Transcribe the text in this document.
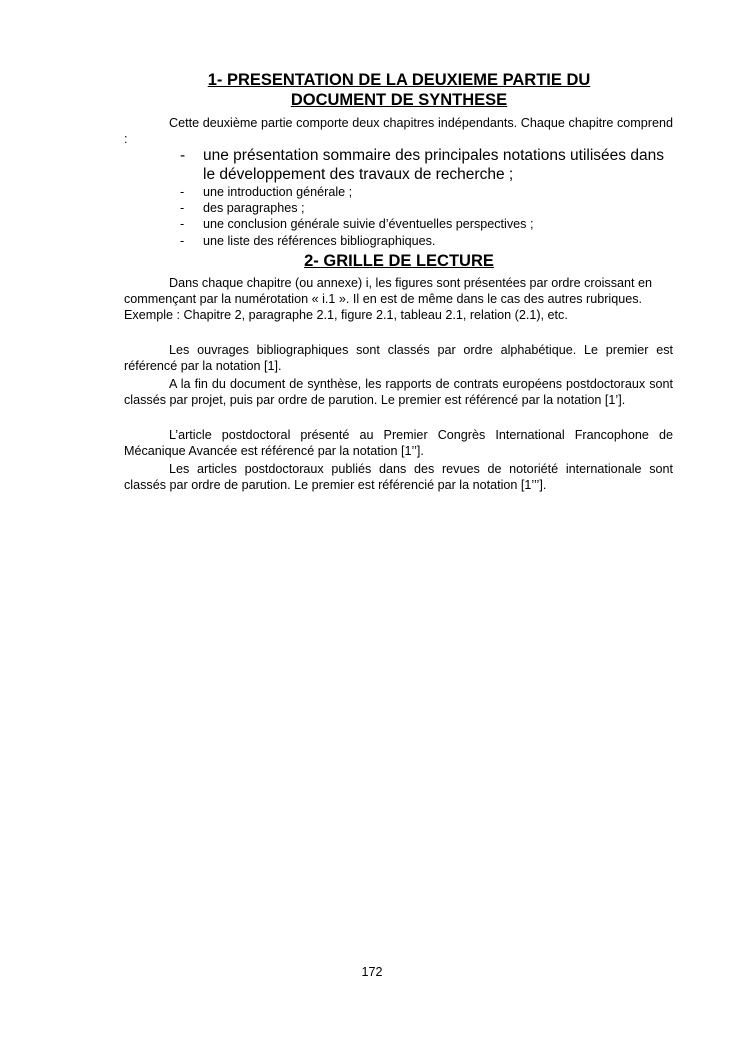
1- PRESENTATION DE LA DEUXIEME PARTIE DU
DOCUMENT DE SYNTHESE
Cette deuxième partie comporte deux chapitres indépendants. Chaque chapitre comprend :
- une présentation sommaire des principales notations utilisées dans le développement des travaux de recherche ;
- une introduction générale ;
- des paragraphes ;
- une conclusion générale suivie d’éventuelles perspectives ;
- une liste des références bibliographiques.
2- GRILLE DE LECTURE
Dans chaque chapitre (ou annexe) i, les figures sont présentées par ordre croissant en commençant par la numérotation « i.1 ». Il en est de même dans le cas des autres rubriques. Exemple : Chapitre 2, paragraphe 2.1, figure 2.1, tableau 2.1, relation (2.1), etc.
Les ouvrages bibliographiques sont classés par ordre alphabétique. Le premier est référencé par la notation [1].
A la fin du document de synthèse, les rapports de contrats européens postdoctoraux sont classés par projet, puis par ordre de parution. Le premier est référencé par la notation [1’].
L’article postdoctoral présenté au Premier Congrès International Francophone de Mécanique Avancée est référencé par la notation [1’’].
Les articles postdoctoraux publiés dans des revues de notoriété internationale sont classés par ordre de parution. Le premier est référencié par la notation [1’’’].
172
